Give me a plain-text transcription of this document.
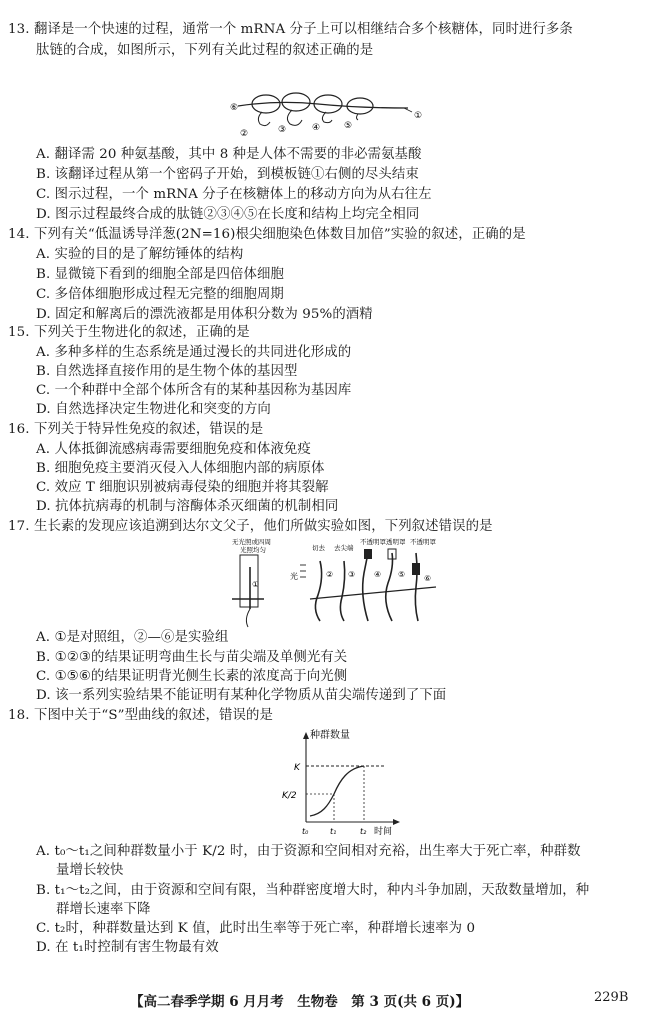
13. 翻译是一个快速的过程，通常一个 mRNA 分子上可以相继结合多个核糖体，同时进行多条
肽链的合成，如图所示，下列有关此过程的叙述正确的是
⑥
②	③	④	⑤
①
A. 翻译需 20 种氨基酸，其中 8 种是人体不需要的非必需氨基酸
B. 该翻译过程从第一个密码子开始，到模板链①右侧的尽头结束
C. 图示过程，一个 mRNA 分子在核糖体上的移动方向为从右往左
D. 图示过程最终合成的肽链②③④⑤在长度和结构上均完全相同
14. 下列有关“低温诱导洋葱(2N=16)根尖细胞染色体数目加倍”实验的叙述，正确的是
A. 实验的目的是了解纺锤体的结构
B. 显微镜下看到的细胞全部是四倍体细胞
C. 多倍体细胞形成过程无完整的细胞周期
D. 固定和解离后的漂洗液都是用体积分数为 95%的酒精
15. 下列关于生物进化的叙述，正确的是
A. 多种多样的生态系统是通过漫长的共同进化形成的
B. 自然选择直接作用的是生物个体的基因型
C. 一个种群中全部个体所含有的某种基因称为基因库
D. 自然选择决定生物进化和突变的方向
16. 下列关于特异性免疫的叙述，错误的是
A. 人体抵御流感病毒需要细胞免疫和体液免疫
B. 细胞免疫主要消灭侵入人体细胞内部的病原体
C. 效应 T 细胞识别被病毒侵染的细胞并将其裂解
D. 抗体抗病毒的机制与溶酶体杀灭细菌的机制相同
17. 生长素的发现应该追溯到达尔文父子，他们所做实验如图，下列叙述错误的是
无光照或四周
光照均匀
光
切去 去尖端
不透明罩 透明罩 不透明罩
①
② ③ ④ ⑤ ⑥
A. ①是对照组，②—⑥是实验组
B. ①②③的结果证明弯曲生长与苗尖端及单侧光有关
C. ①⑤⑥的结果证明背光侧生长素的浓度高于向光侧
D. 该一系列实验结果不能证明有某种化学物质从苗尖端传递到了下面
18. 下图中关于“S”型曲线的叙述，错误的是
种群数量
K
K/2
t₀	t₁	t₂ 时间
A. t₀～t₁之间种群数量小于 K/2 时，由于资源和空间相对充裕，出生率大于死亡率，种群数
量增长较快
B. t₁～t₂之间，由于资源和空间有限，当种群密度增大时，种内斗争加剧，天敌数量增加，种
群增长速率下降
C. t₂时，种群数量达到 K 值，此时出生率等于死亡率，种群增长速率为 0
D. 在 t₁时控制有害生物最有效
【高二春季学期 6 月月考　生物卷　第 3 页(共 6 页)】	229B
